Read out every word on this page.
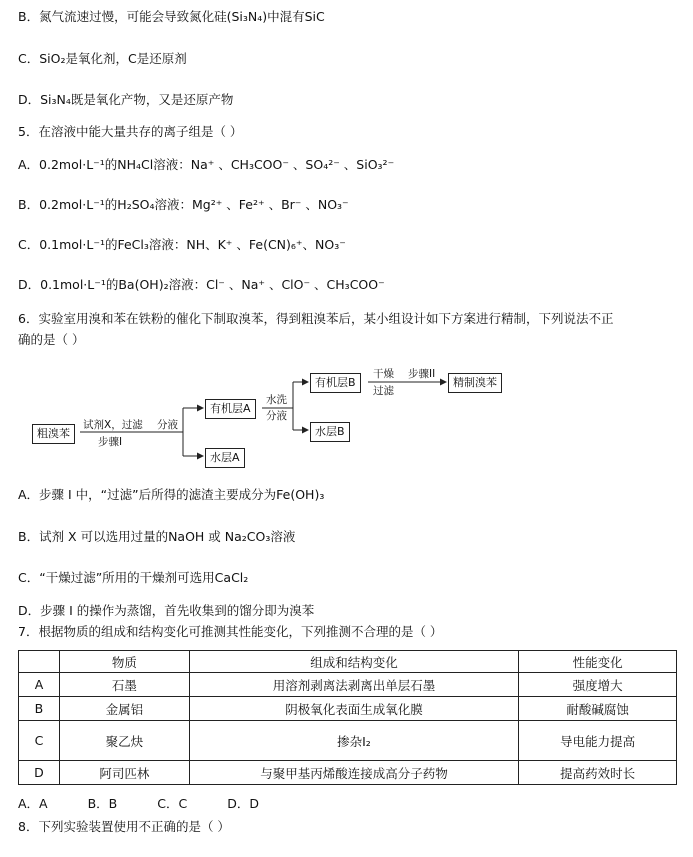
B．氮气流速过慢，可能会导致氮化硅(Si₃N₄)中混有SiC
C．SiO₂是氧化剂，C是还原剂
D．Si₃N₄既是氧化产物，又是还原产物
5．在溶液中能大量共存的离子组是（ ）
A．0.2mol·L⁻¹的NH₄Cl溶液：Na⁺ 、CH₃COO⁻ 、SO₄²⁻ 、SiO₃²⁻
B．0.2mol·L⁻¹的H₂SO₄溶液：Mg²⁺ 、Fe²⁺ 、Br⁻ 、NO₃⁻
C．0.1mol·L⁻¹的FeCl₃溶液：NH、K⁺ 、Fe(CN)₆⁺、NO₃⁻
D．0.1mol·L⁻¹的Ba(OH)₂溶液：Cl⁻ 、Na⁺ 、ClO⁻ 、CH₃COO⁻
6．实验室用溴和苯在铁粉的催化下制取溴苯，得到粗溴苯后，某小组设计如下方案进行精制，下列说法不正
确的是（ ）
粗溴苯
试剂X，过滤
步骤I
分液
有机层A
水层A
水洗
分液
有机层B
水层B
干燥
过滤
步骤II
精制溴苯
A．步骤 I 中，“过滤”后所得的滤渣主要成分为Fe(OH)₃
B．试剂 X 可以选用过量的NaOH 或 Na₂CO₃溶液
C．“干燥过滤”所用的干燥剂可选用CaCl₂
D．步骤 I 的操作为蒸馏，首先收集到的馏分即为溴苯
7．根据物质的组成和结构变化可推测其性能变化，下列推测不合理的是（ ）
	物质	组成和结构变化	性能变化
A	石墨	用溶剂剥离法剥离出单层石墨	强度增大
B	金属铝	阴极氧化表面生成氧化膜	耐酸碱腐蚀
C	聚乙炔	掺杂I₂	导电能力提高
D	阿司匹林	与聚甲基丙烯酸连接成高分子药物	提高药效时长
A．A	B．B	C．C	D．D
8．下列实验装置使用不正确的是（ ）
